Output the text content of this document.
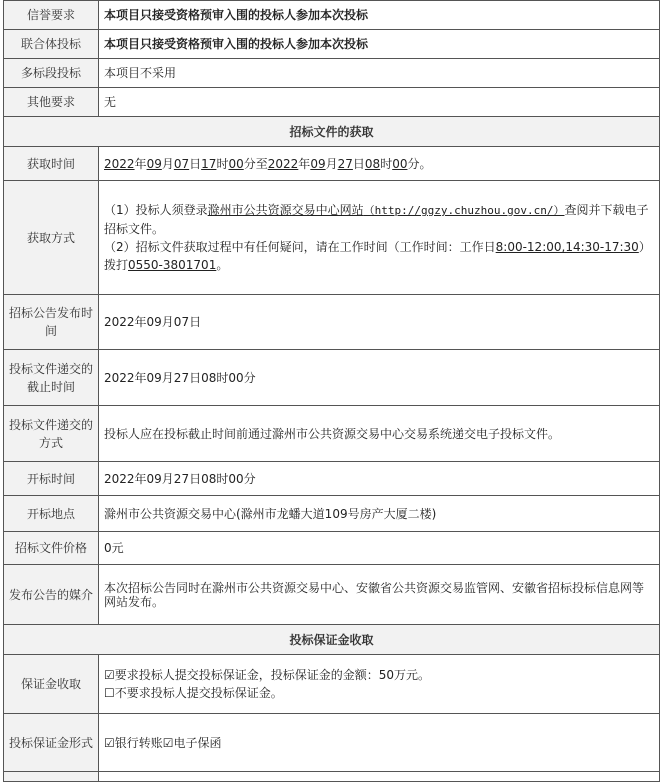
信誉要求	本项目只接受资格预审入围的投标人参加本次投标
联合体投标	本项目只接受资格预审入围的投标人参加本次投标
多标段投标	本项目不采用
其他要求	无
招标文件的获取	
获取时间	2022年09月07日17时00分至2022年09月27日08时00分。
获取方式	（1）投标人须登录滁州市公共资源交易中心网站（http://ggzy.chuzhou.gov.cn/）查阅并下载电子招标文件。
（2）招标文件获取过程中有任何疑问，请在工作时间（工作时间：工作日8:00-12:00,14:30-17:30）拨打0550-3801701。

招标公告发布时间	2022年09月07日
投标文件递交的截止时间	2022年09月27日08时00分
投标文件递交的方式	投标人应在投标截止时间前通过滁州市公共资源交易中心交易系统递交电子投标文件。
开标时间	2022年09月27日08时00分
开标地点	滁州市公共资源交易中心(滁州市龙蟠大道109号房产大厦二楼)
招标文件价格	0元
发布公告的媒介	本次招标公告同时在滁州市公共资源交易中心、安徽省公共资源交易监管网、安徽省招标投标信息网等网站发布。
投标保证金收取	
保证金收取	☑要求投标人提交投标保证金，投标保证金的金额：50万元。
☐不要求投标人提交投标保证金。

投标保证金形式	☑银行转账☑电子保函
